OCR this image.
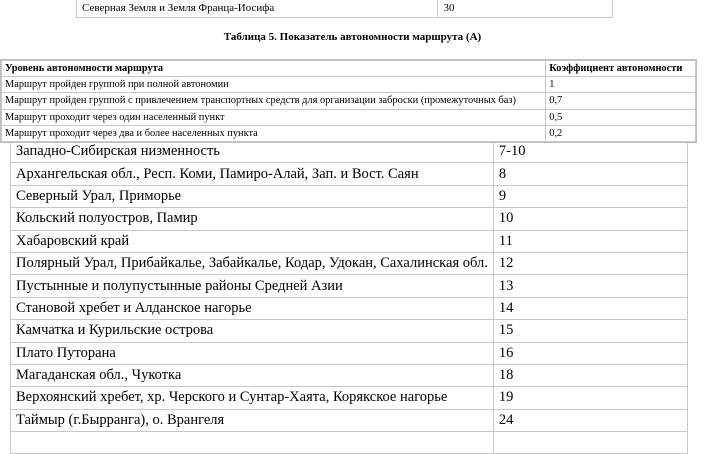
Западно-Сибирская низменность	7-10
Архангельская обл., Респ. Коми, Памиро-Алай, Зап. и Вост. Саян	8
Северный Урал, Приморье	9
Кольский полуостров, Памир	10
Хабаровский край	11
Полярный Урал, Прибайкалье, Забайкалье, Кодар, Удокан, Сахалинская обл.	12
Пустынные и полупустынные районы Средней Азии	13
Становой хребет и Алданское нагорье	14
Камчатка и Курильские острова	15
Плато Путорана	16
Магаданская обл., Чукотка	18
Верхоянский хребет, хр. Черского и Сунтар-Хаята, Корякское нагорье	19
Таймыр (г.Бырранга), о. Врангеля	24

Северная Земля и Земля Франца-Иосифа	30
Таблица 5. Показатель автономности маршрута (А)
Уровень автономности маршрута	Коэффициент автономности
Маршрут пройден группой при полной автономии	1
Маршрут пройден группой с привлечением транспортных средств для организации заброски (промежуточных баз)	0,7
Маршрут проходит через один населенный пункт	0,5
Маршрут проходит через два и более населенных пункта	0,2
